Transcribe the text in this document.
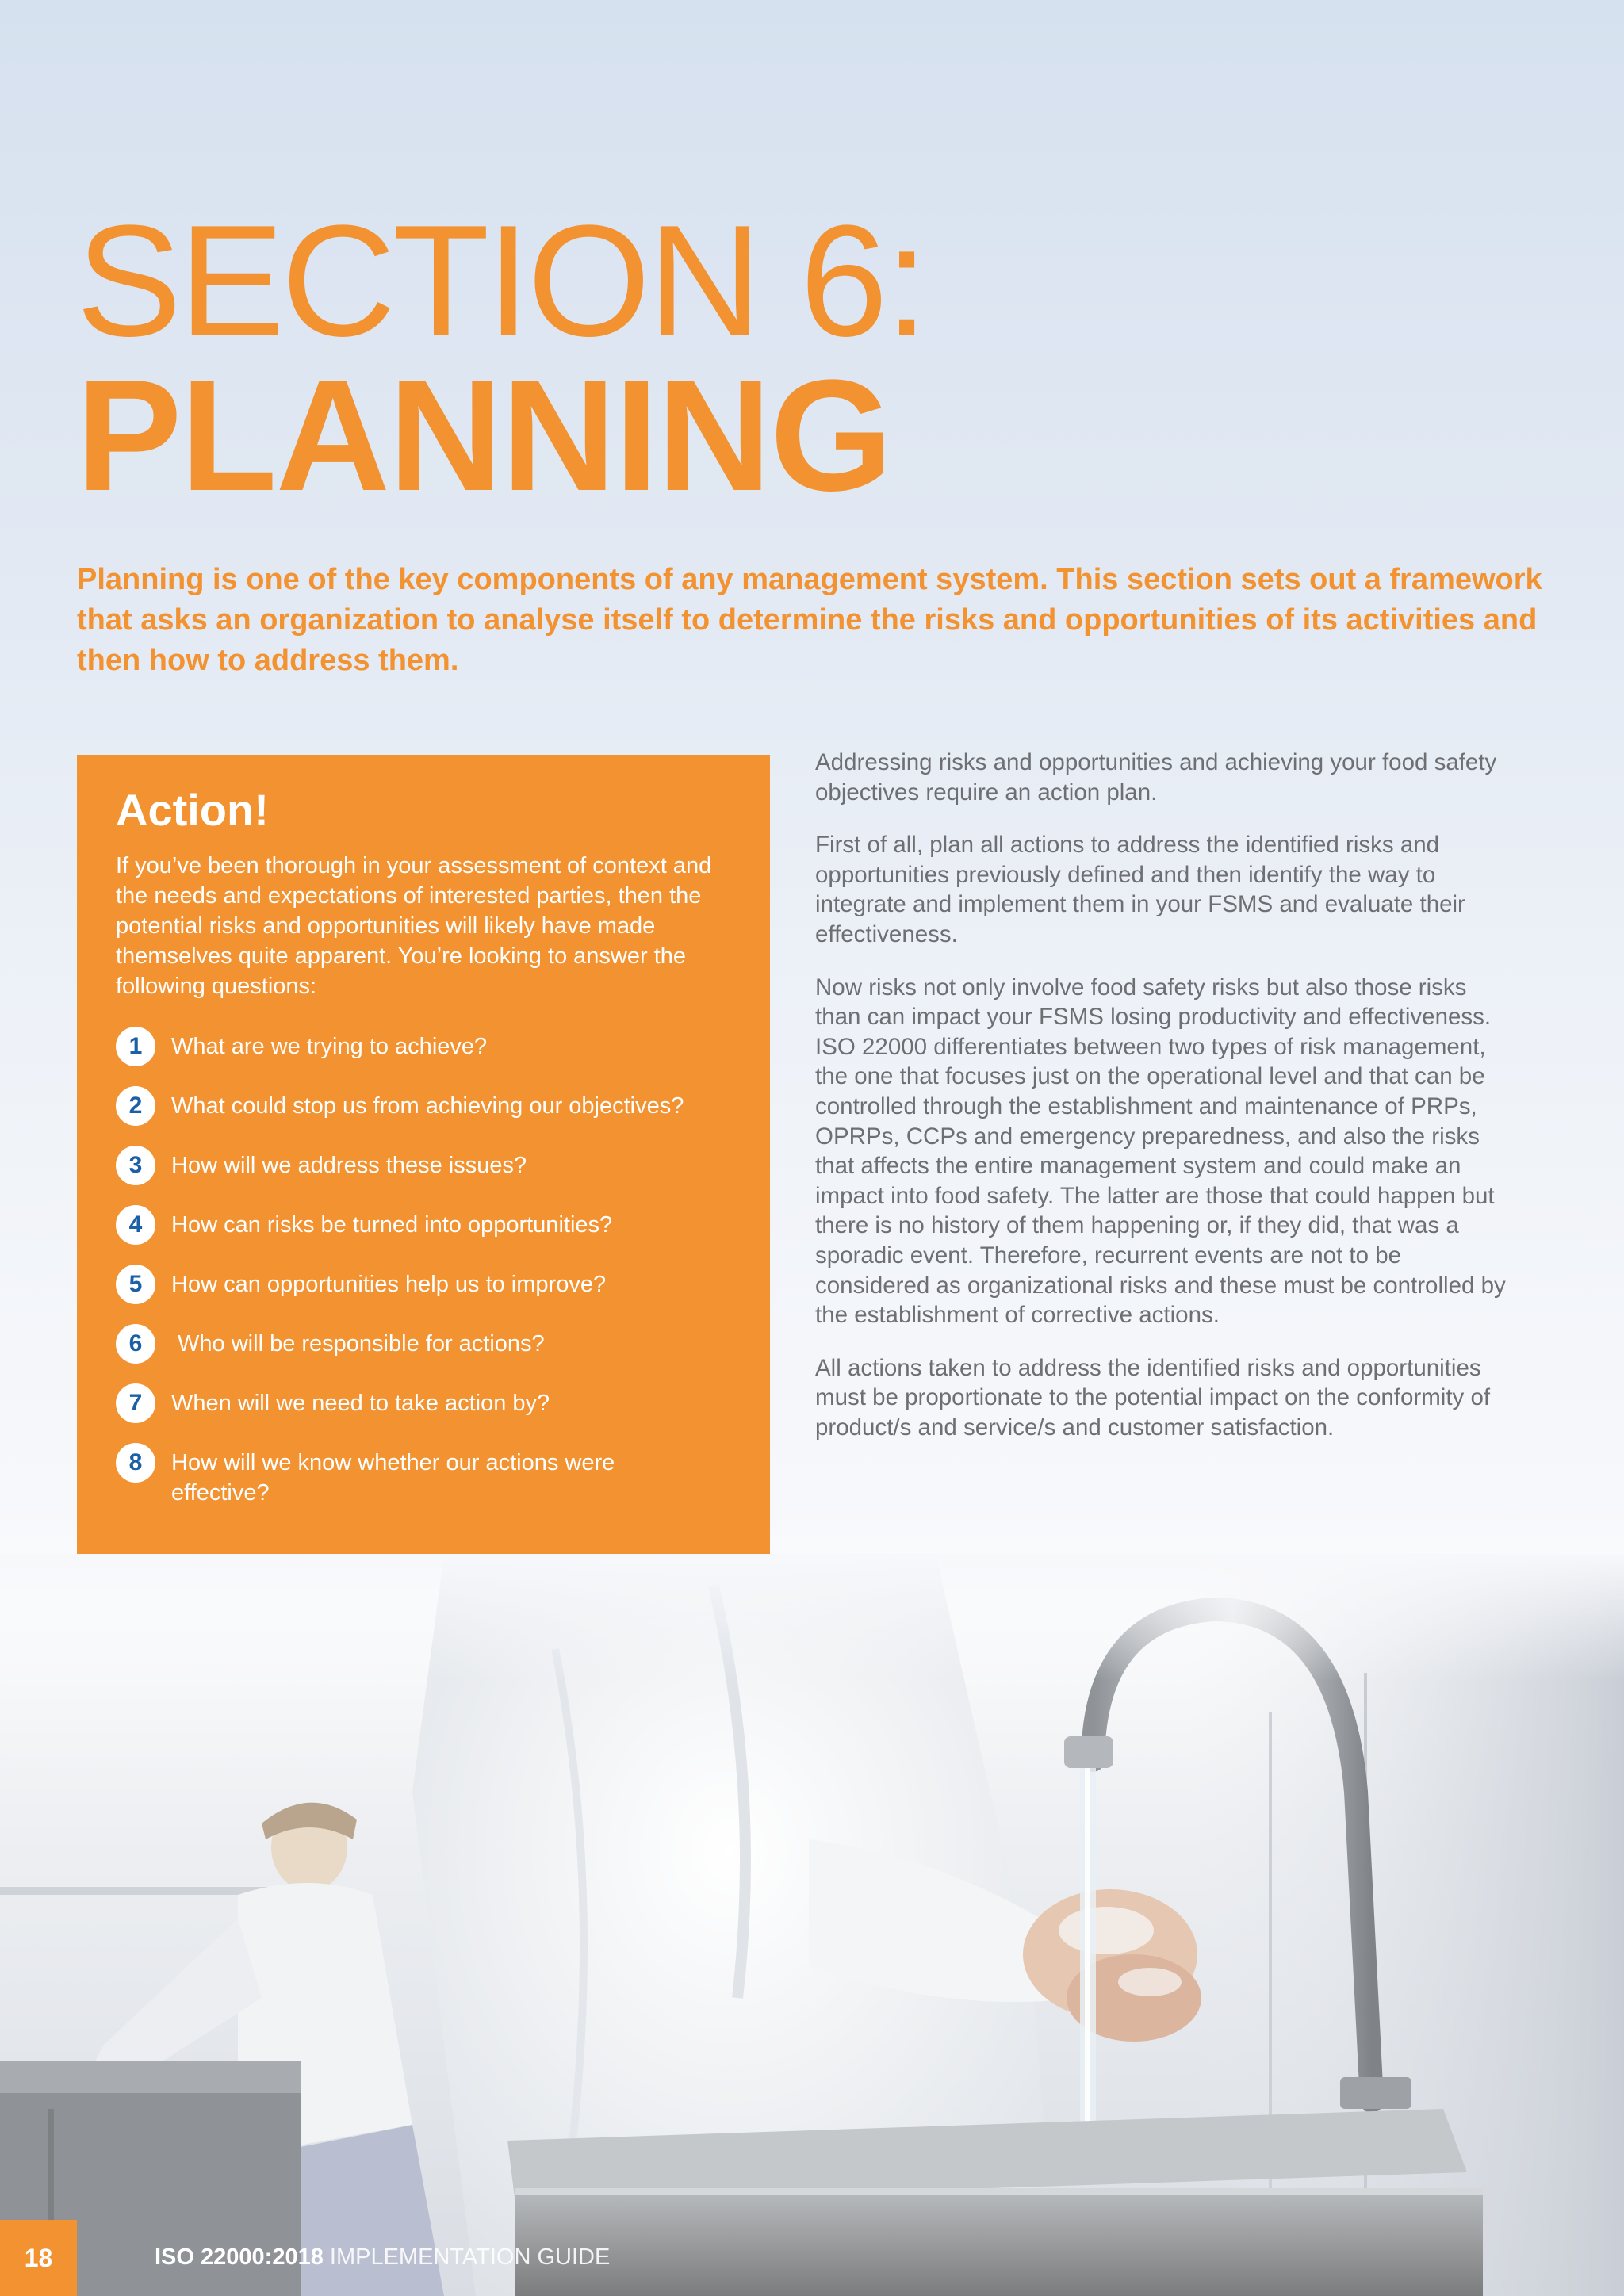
SECTION 6:
PLANNING
Planning is one of the key components of any management system. This section sets out a framework that asks an organization to analyse itself to determine the risks and opportunities of its activities and then how to address them.
Action!
If you’ve been thorough in your assessment of context and the needs and expectations of interested parties, then the potential risks and opportunities will likely have made themselves quite apparent. You’re looking to answer the following questions:
1	What are we trying to achieve?
2	What could stop us from achieving our objectives?
3	How will we address these issues?
4	How can risks be turned into opportunities?
5	How can opportunities help us to improve?
6	Who will be responsible for actions?
7	When will we need to take action by?
8	How will we know whether our actions were effective?

Addressing risks and opportunities and achieving your food safety objectives require an action plan.

First of all, plan all actions to address the identified risks and opportunities previously defined and then identify the way to integrate and implement them in your FSMS and evaluate their effectiveness.

Now risks not only involve food safety risks but also those risks than can impact your FSMS losing productivity and effectiveness. ISO 22000 differentiates between two types of risk management, the one that focuses just on the operational level and that can be controlled through the establishment and maintenance of PRPs, OPRPs, CCPs and emergency preparedness, and also the risks that affects the entire management system and could make an impact into food safety. The latter are those that could happen but there is no history of them happening or, if they did, that was a sporadic event. Therefore, recurrent events are not to be considered as organizational risks and these must be controlled by the establishment of corrective actions.

All actions taken to address the identified risks and opportunities must be proportionate to the potential impact on the conformity of product/s and service/s and customer satisfaction.

18	ISO 22000:2018 IMPLEMENTATION GUIDE
